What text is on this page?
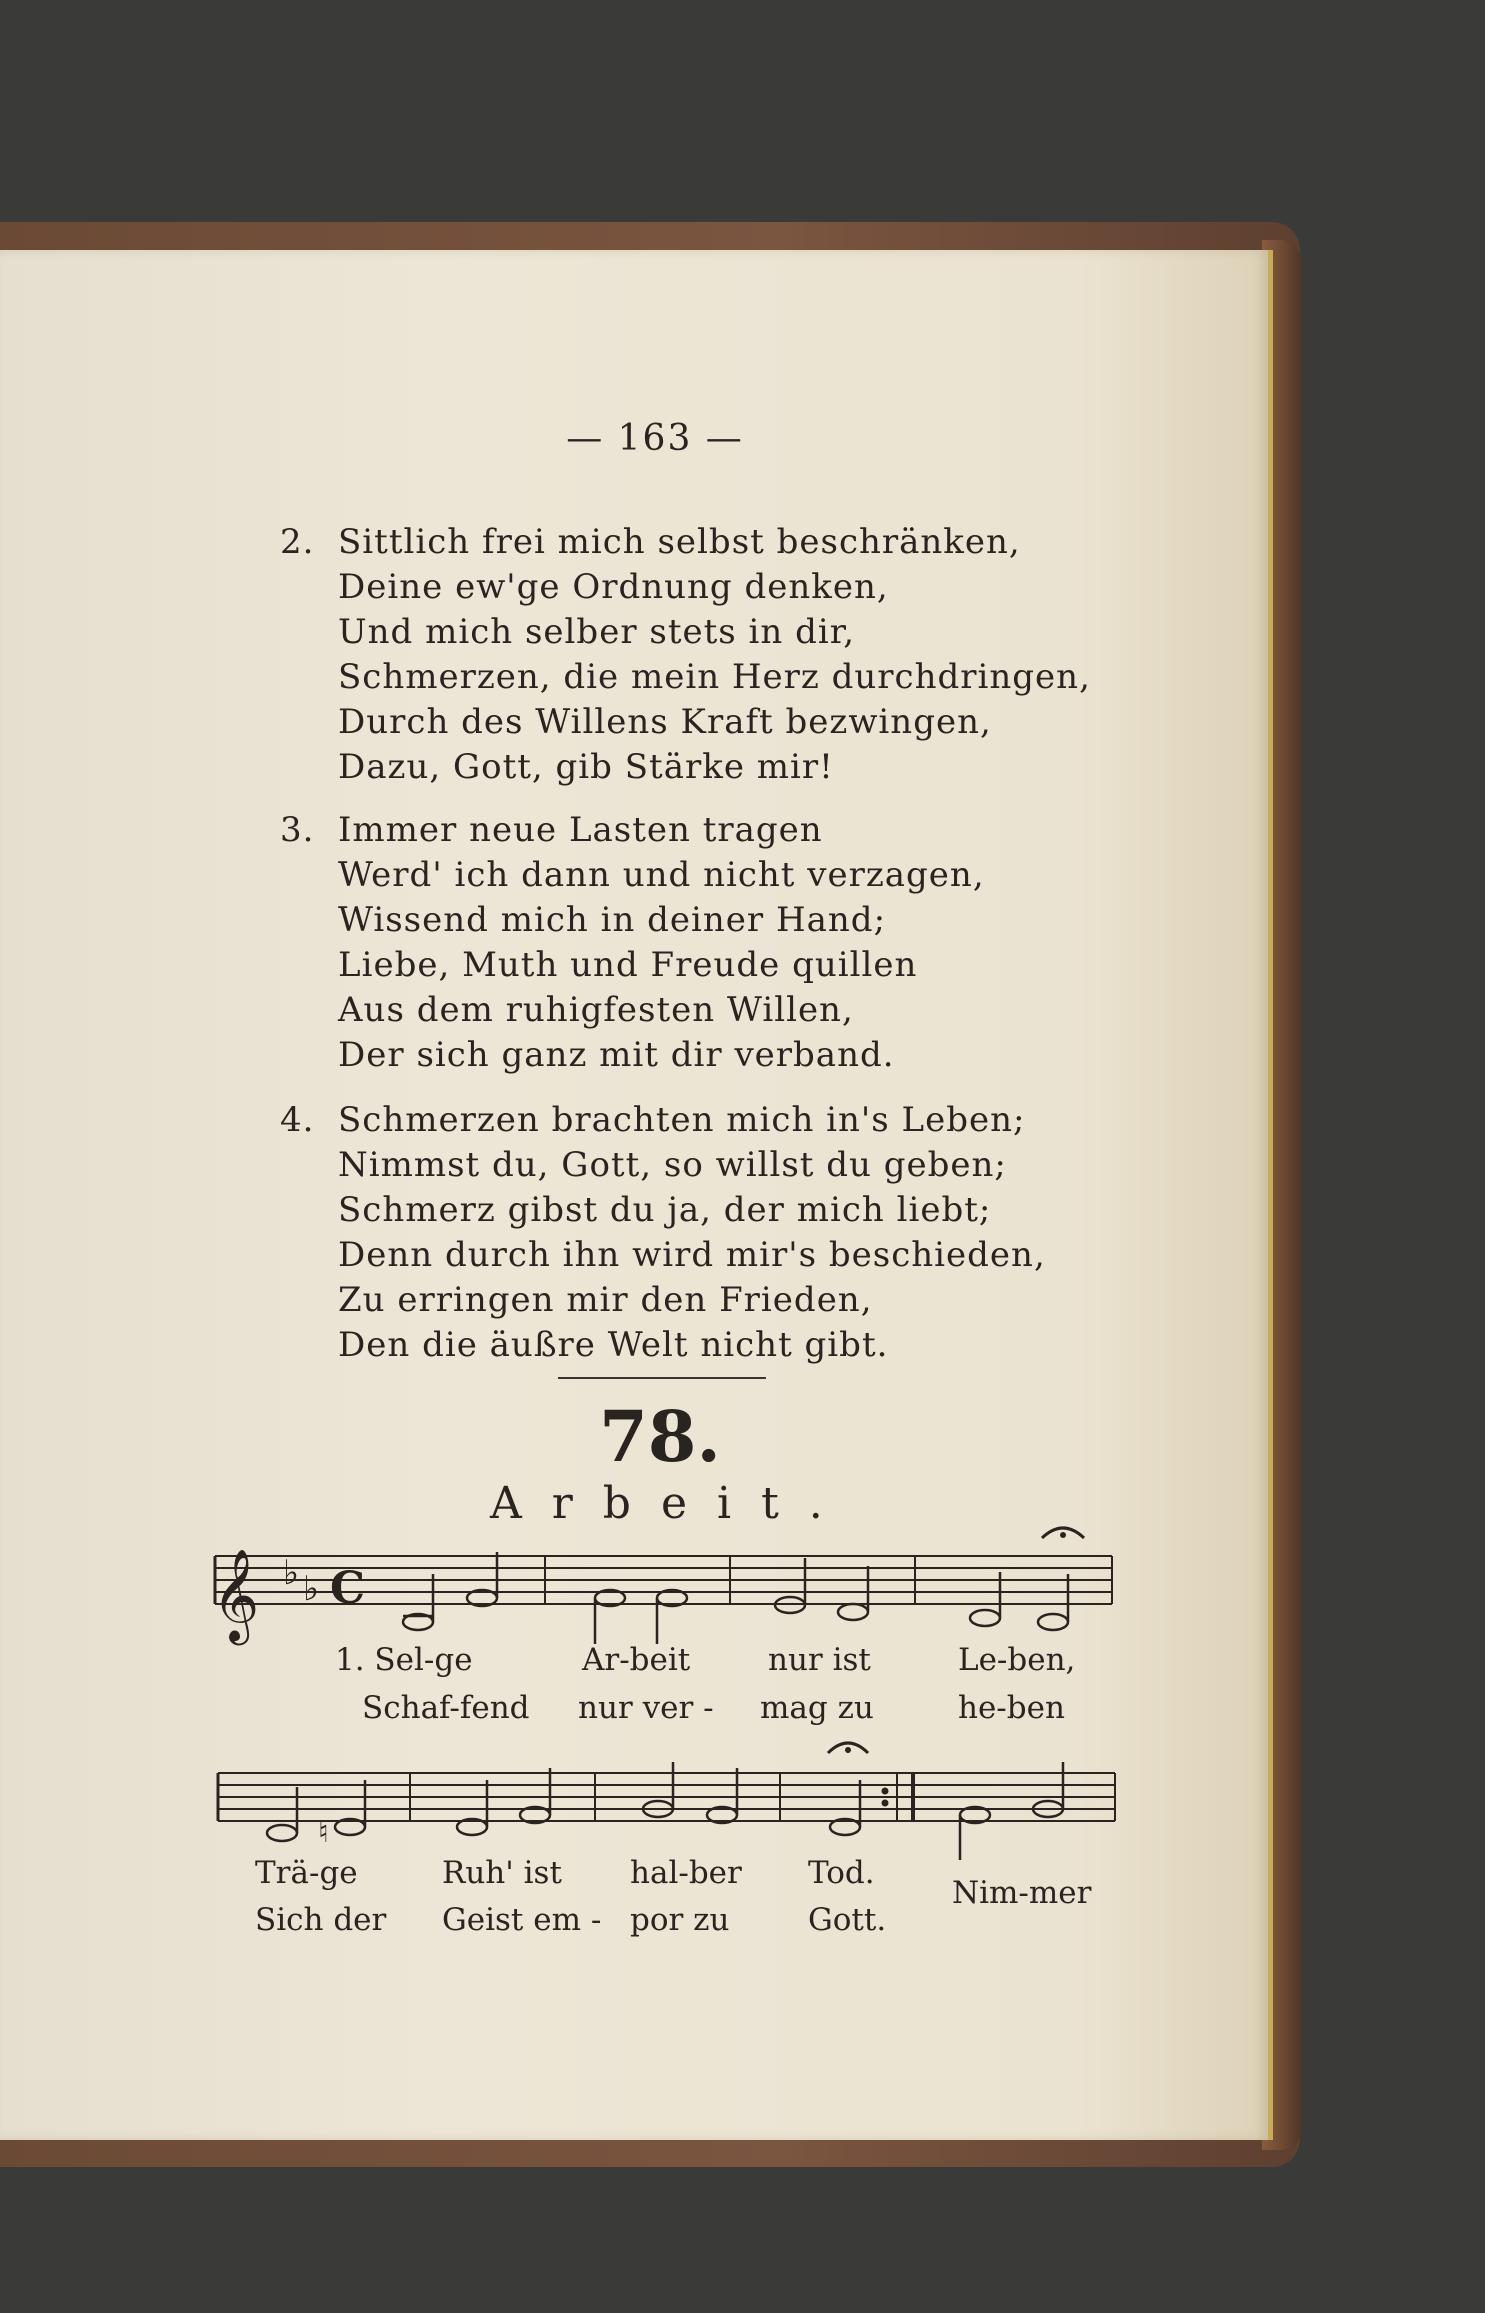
— 163 —
2. Sittlich frei mich selbst beschränken,
Deine ew'ge Ordnung denken,
Und mich selber stets in dir,
Schmerzen, die mein Herz durchdringen,
Durch des Willens Kraft bezwingen,
Dazu, Gott, gib Stärke mir!
3. Immer neue Lasten tragen
Werd' ich dann und nicht verzagen,
Wissend mich in deiner Hand;
Liebe, Muth und Freude quillen
Aus dem ruhigfesten Willen,
Der sich ganz mit dir verband.
4. Schmerzen brachten mich in's Leben;
Nimmst du, Gott, so willst du geben;
Schmerz gibst du ja, der mich liebt;
Denn durch ihn wird mir's beschieden,
Zu erringen mir den Frieden,
Den die äußre Welt nicht gibt.
78.
Arbeit.
𝄞 ♭ ♭ C
♮
1. Sel-ge	Ar-beit	nur ist	Le-ben,
Schaf-fend nur ver - mag zu	he-ben
Trä-ge	Ruh' ist hal-ber Tod.
Nim-mer
Sich der Geist em - por zu	Gott.
